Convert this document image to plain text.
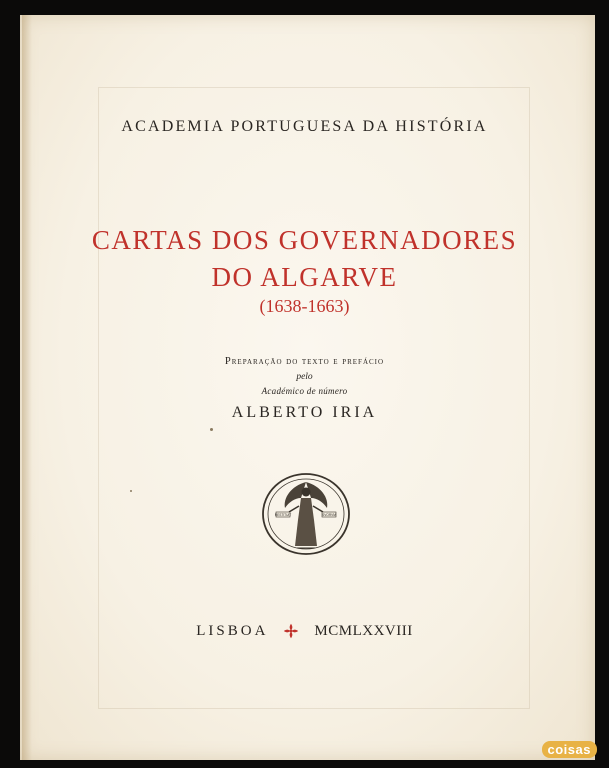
ACADEMIA PORTUGUESA DA HISTÓRIA
CARTAS DOS GOVERNADORES
DO ALGARVE
(1638-1663)
Preparação do texto e prefácio
pelo
Académico de número
ALBERTO IRIA
RESTITUIT	SVORVM
LISBOA	MCMLXXVIII
coisas
